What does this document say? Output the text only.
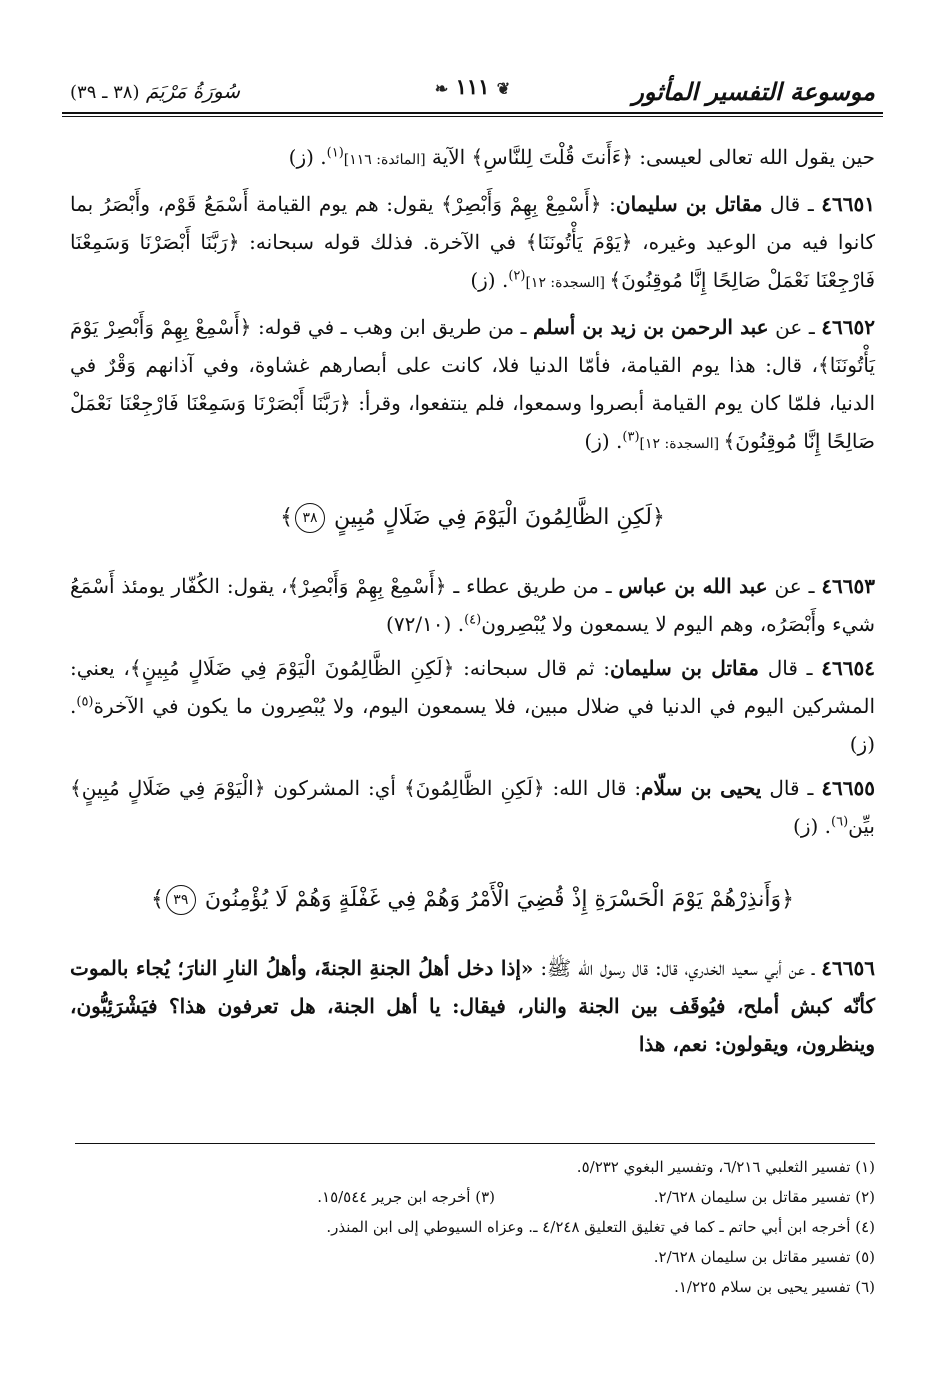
موسوعة التفسير المأثور
❦ ١١١ ❧
سُورَةُ مَرْيَمَ (٣٨ ـ ٣٩)

حين يقول الله تعالى لعيسى: ﴿ءَأَنتَ قُلْتَ لِلنَّاسِ﴾ الآية [المائدة: ١١٦]$^{(١)}$. (ز)

٤٦٦٥١ ـ قال مقاتل بن سليمان: ﴿أَسْمِعْ بِهِمْ وَأَبْصِرْ﴾ يقول: هم يوم القيامة أَسْمَعُ قَوْم، وأَبْصَرُ بما كانوا فيه من الوعيد وغيره، ﴿يَوْمَ يَأْتُونَنَا﴾ في الآخرة. فذلك قوله سبحانه: ﴿رَبَّنَا أَبْصَرْنَا وَسَمِعْنَا فَارْجِعْنَا نَعْمَلْ صَالِحًا إِنَّا مُوقِنُونَ﴾ [السجدة: ١٢]$^{(٢)}$. (ز)

٤٦٦٥٢ ـ عن عبد الرحمن بن زيد بن أسلم ـ من طريق ابن وهب ـ في قوله: ﴿أَسْمِعْ بِهِمْ وَأَبْصِرْ يَوْمَ يَأْتُونَنَا﴾، قال: هذا يوم القيامة، فأمّا الدنيا فلا، كانت على أبصارهم غشاوة، وفي آذانهم وَقْرٌ في الدنيا، فلمّا كان يوم القيامة أبصروا وسمعوا، فلم ينتفعوا، وقرأ: ﴿رَبَّنَا أَبْصَرْنَا وَسَمِعْنَا فَارْجِعْنَا نَعْمَلْ صَالِحًا إِنَّا مُوقِنُونَ﴾ [السجدة: ١٢]$^{(٣)}$. (ز)

﴿لَكِنِ الظَّالِمُونَ الْيَوْمَ فِي ضَلَالٍ مُبِينٍ ٣٨﴾

٤٦٦٥٣ ـ عن عبد الله بن عباس ـ من طريق عطاء ـ ﴿أَسْمِعْ بِهِمْ وَأَبْصِرْ﴾، يقول: الكُفّار يومئذ أَسْمَعُ شيء وأَبْصَرُه، وهم اليوم لا يسمعون ولا يُبْصِرون$^{(٤)}$. (٧٢/١٠)

٤٦٦٥٤ ـ قال مقاتل بن سليمان: ثم قال سبحانه: ﴿لَكِنِ الظَّالِمُونَ الْيَوْمَ فِي ضَلَالٍ مُبِينٍ﴾، يعني: المشركين اليوم في الدنيا في ضلال مبين، فلا يسمعون اليوم، ولا يُبْصِرون ما يكون في الآخرة$^{(٥)}$. (ز)

٤٦٦٥٥ ـ قال يحيى بن سلّام: قال الله: ﴿لَكِنِ الظَّالِمُونَ﴾ أي: المشركون ﴿الْيَوْمَ فِي ضَلَالٍ مُبِينٍ﴾ بيِّن$^{(٦)}$. (ز)

﴿وَأَنذِرْهُمْ يَوْمَ الْحَسْرَةِ إِذْ قُضِيَ الْأَمْرُ وَهُمْ فِي غَفْلَةٍ وَهُمْ لَا يُؤْمِنُونَ ٣٩﴾

٤٦٦٥٦ ـ عن أبي سعيد الخدري، قال: قال رسول الله ﷺ: «إذا دخل أهلُ الجنةِ الجنةَ، وأهلُ النارِ النارَ؛ يُجاء بالموت كأنّه كبش أملح، فيُوقَف بين الجنة والنار، فيقال: يا أهل الجنة، هل تعرفون هذا؟ فيَشْرَئِبُّون، وينظرون، ويقولون: نعم، هذا

(١) تفسير الثعلبي ٦/٢١٦، وتفسير البغوي ٥/٢٣٢.
(٢) تفسير مقاتل بن سليمان ٢/٦٢٨.
(٣) أخرجه ابن جرير ١٥/٥٤٤.
(٤) أخرجه ابن أبي حاتم ـ كما في تغليق التعليق ٤/٢٤٨ ـ. وعزاه السيوطي إلى ابن المنذر.
(٥) تفسير مقاتل بن سليمان ٢/٦٢٨.
(٦) تفسير يحيى بن سلام ١/٢٢٥.
